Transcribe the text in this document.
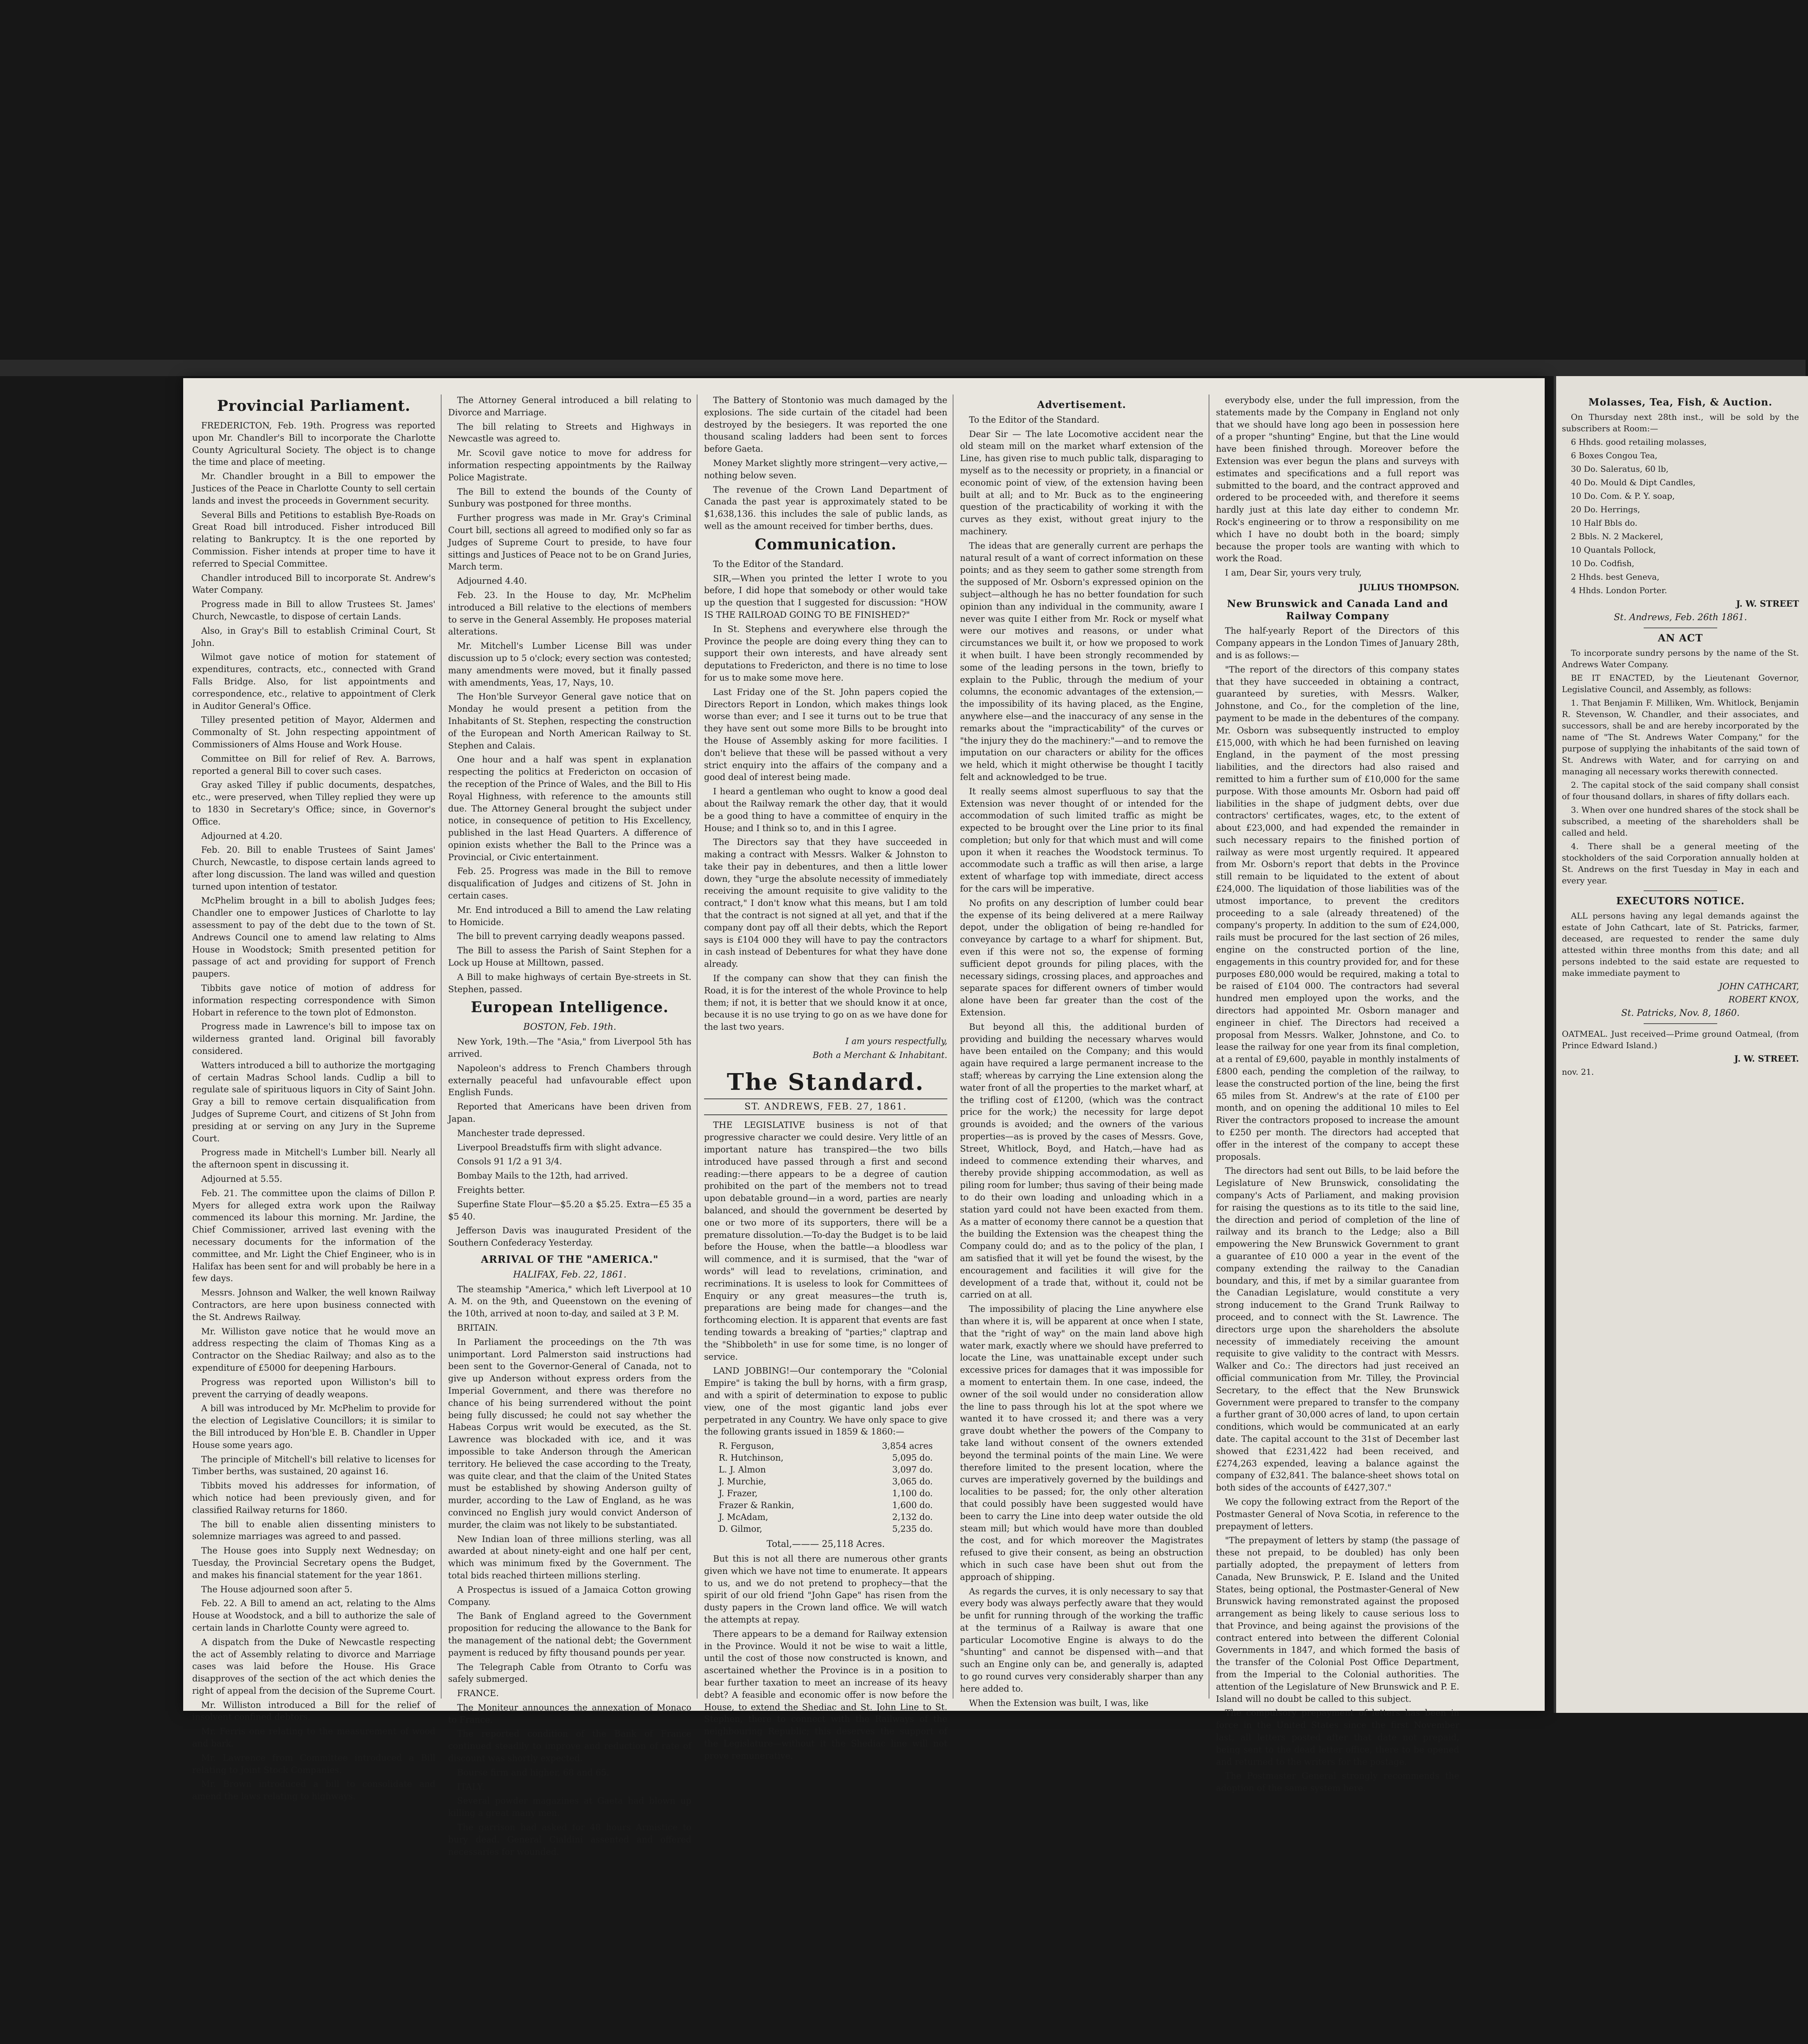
Provincial Parliament.

FREDERICTON, Feb. 19th. Progress was reported upon Mr. Chandler's Bill to incorporate the Charlotte County Agricultural Society. The object is to change the time and place of meeting.

Mr. Chandler brought in a Bill to empower the Justices of the Peace in Charlotte County to sell certain lands and invest the proceeds in Government security.

Several Bills and Petitions to establish Bye-Roads on Great Road bill introduced. Fisher introduced Bill relating to Bankruptcy. It is the one reported by Commission. Fisher intends at proper time to have it referred to Special Committee.

Chandler introduced Bill to incorporate St. Andrew's Water Company.

Progress made in Bill to allow Trustees St. James' Church, Newcastle, to dispose of certain Lands.

Also, in Gray's Bill to establish Criminal Court, St John.

Wilmot gave notice of motion for statement of expenditures, contracts, etc., connected with Grand Falls Bridge. Also, for list appointments and correspondence, etc., relative to appointment of Clerk in Auditor General's Office.

Tilley presented petition of Mayor, Aldermen and Commonalty of St. John respecting appointment of Commissioners of Alms House and Work House.

Committee on Bill for relief of Rev. A. Barrows, reported a general Bill to cover such cases.

Gray asked Tilley if public documents, despatches, etc., were preserved, when Tilley replied they were up to 1830 in Secretary's Office; since, in Governor's Office.

Adjourned at 4.20.

Feb. 20. Bill to enable Trustees of Saint James' Church, Newcastle, to dispose certain lands agreed to after long discussion. The land was willed and question turned upon intention of testator.

McPhelim brought in a bill to abolish Judges fees; Chandler one to empower Justices of Charlotte to lay assessment to pay of the debt due to the town of St. Andrews Council one to amend law relating to Alms House in Woodstock; Smith presented petition for passage of act and providing for support of French paupers.

Tibbits gave notice of motion of address for information respecting correspondence with Simon Hobart in reference to the town plot of Edmonston.

Progress made in Lawrence's bill to impose tax on wilderness granted land. Original bill favorably considered.

Watters introduced a bill to authorize the mortgaging of certain Madras School lands. Cudlip a bill to regulate sale of spirituous liquors in City of Saint John. Gray a bill to remove certain disqualification from Judges of Supreme Court, and citizens of St John from presiding at or serving on any Jury in the Supreme Court.

Progress made in Mitchell's Lumber bill. Nearly all the afternoon spent in discussing it.

Adjourned at 5.55.

Feb. 21. The committee upon the claims of Dillon P. Myers for alleged extra work upon the Railway commenced its labour this morning. Mr. Jardine, the Chief Commissioner, arrived last evening with the necessary documents for the information of the committee, and Mr. Light the Chief Engineer, who is in Halifax has been sent for and will probably be here in a few days.

Messrs. Johnson and Walker, the well known Railway Contractors, are here upon business connected with the St. Andrews Railway.

Mr. Williston gave notice that he would move an address respecting the claim of Thomas King as a Contractor on the Shediac Railway; and also as to the expenditure of £5000 for deepening Harbours.

Progress was reported upon Williston's bill to prevent the carrying of deadly weapons.

A bill was introduced by Mr. McPhelim to provide for the election of Legislative Councillors; it is similar to the Bill introduced by Hon'ble E. B. Chandler in Upper House some years ago.

The principle of Mitchell's bill relative to licenses for Timber berths, was sustained, 20 against 16.

Tibbits moved his addresses for information, of which notice had been previously given, and for classified Railway returns for 1860.

The bill to enable alien dissenting ministers to solemnize marriages was agreed to and passed.

The House goes into Supply next Wednesday; on Tuesday, the Provincial Secretary opens the Budget, and makes his financial statement for the year 1861.

The House adjourned soon after 5.

Feb. 22. A Bill to amend an act, relating to the Alms House at Woodstock, and a bill to authorize the sale of certain lands in Charlotte County were agreed to.

A dispatch from the Duke of Newcastle respecting the act of Assembly relating to divorce and Marriage cases was laid before the House. His Grace disapproves of the section of the act which denies the right of appeal from the decision of the Supreme Court.

Mr. Williston introduced a Bill for the relief of insolvent confined debtors.

Mr. Ferris one relating to the measurement of wood and bark.

Mr. Lawrence from Committee introduced a Bill relating to Joint Stock Companies.

Mr. Brown introduced a bill to consolidate and amend the laws relating to highways.

The Attorney General introduced a bill relating to Divorce and Marriage.

The bill relating to Streets and Highways in Newcastle was agreed to.

Mr. Scovil gave notice to move for address for information respecting appointments by the Railway Police Magistrate.

The Bill to extend the bounds of the County of Sunbury was postponed for three months.

Further progress was made in Mr. Gray's Criminal Court bill, sections all agreed to modified only so far as Judges of Supreme Court to preside, to have four sittings and Justices of Peace not to be on Grand Juries, March term.

Adjourned 4.40.

Feb. 23. In the House to day, Mr. McPhelim introduced a Bill relative to the elections of members to serve in the General Assembly. He proposes material alterations.

Mr. Mitchell's Lumber License Bill was under discussion up to 5 o'clock; every section was contested; many amendments were moved, but it finally passed with amendments, Yeas, 17, Nays, 10.

The Hon'ble Surveyor General gave notice that on Monday he would present a petition from the Inhabitants of St. Stephen, respecting the construction of the European and North American Railway to St. Stephen and Calais.

One hour and a half was spent in explanation respecting the politics at Fredericton on occasion of the reception of the Prince of Wales, and the Bill to His Royal Highness, with reference to the amounts still due. The Attorney General brought the subject under notice, in consequence of petition to His Excellency, published in the last Head Quarters. A difference of opinion exists whether the Ball to the Prince was a Provincial, or Civic entertainment.

Feb. 25. Progress was made in the Bill to remove disqualification of Judges and citizens of St. John in certain cases.

Mr. End introduced a Bill to amend the Law relating to Homicide.

The bill to prevent carrying deadly weapons passed.

The Bill to assess the Parish of Saint Stephen for a Lock up House at Milltown, passed.

A Bill to make highways of certain Bye-streets in St. Stephen, passed.

European Intelligence.
BOSTON, Feb. 19th.

New York, 19th.—The "Asia," from Liverpool 5th has arrived.

Napoleon's address to French Chambers through externally peaceful had unfavourable effect upon English Funds.

Reported that Americans have been driven from Japan.

Manchester trade depressed.

Liverpool Breadstuffs firm with slight advance.

Consols 91 1/2 a 91 3/4.

Bombay Mails to the 12th, had arrived.

Freights better.

Superfine State Flour—$5.20 a $5.25. Extra—£5 35 a $5 40.

Jefferson Davis was inaugurated President of the Southern Confederacy Yesterday.

ARRIVAL OF THE "AMERICA."
HALIFAX, Feb. 22, 1861.

The steamship "America," which left Liverpool at 10 A. M. on the 9th, and Queenstown on the evening of the 10th, arrived at noon to-day, and sailed at 3 P. M.

BRITAIN.

In Parliament the proceedings on the 7th was unimportant. Lord Palmerston said instructions had been sent to the Governor-General of Canada, not to give up Anderson without express orders from the Imperial Government, and there was therefore no chance of his being surrendered without the point being fully discussed; he could not say whether the Habeas Corpus writ would be executed, as the St. Lawrence was blockaded with ice, and it was impossible to take Anderson through the American territory. He believed the case according to the Treaty, was quite clear, and that the claim of the United States must be established by showing Anderson guilty of murder, according to the Law of England, as he was convinced no English jury would convict Anderson of murder, the claim was not likely to be substantiated.

New Indian loan of three millions sterling, was all awarded at about ninety-eight and one half per cent, which was minimum fixed by the Government. The total bids reached thirteen millions sterling.

A Prospectus is issued of a Jamaica Cotton growing Company.

The Bank of England agreed to the Government proposition for reducing the allowance to the Bank for the management of the national debt; the Government payment is reduced by fifty thousand pounds per year.

The Telegraph Cable from Otranto to Corfu was safely submerged.

FRANCE.

The Moniteur announces the annexation of Monaco to France.

The reported condition of the Bank of France continued steadily to improve and reduction of rate of discount was shortly expected.

Bourse firm and higher, 68 and 65.

ITALY.

Several powder magazines at Gaeta had blown up killing a great many men.

The garrison had asked for 48 hours Armistice to bury dead. General Cialdini assented and offered necessaries for wounded.

The Battery of Stontonio was much damaged by the explosions. The side curtain of the citadel had been destroyed by the besiegers. It was reported the one thousand scaling ladders had been sent to forces before Gaeta.

Money Market slightly more stringent—very active,—nothing below seven.

The revenue of the Crown Land Department of Canada the past year is approximately stated to be $1,638,136. this includes the sale of public lands, as well as the amount received for timber berths, dues.

Communication.

To the Editor of the Standard.

SIR,—When you printed the letter I wrote to you before, I did hope that somebody or other would take up the question that I suggested for discussion: "HOW IS THE RAILROAD GOING TO BE FINISHED?"

In St. Stephens and everywhere else through the Province the people are doing every thing they can to support their own interests, and have already sent deputations to Fredericton, and there is no time to lose for us to make some move here.

Last Friday one of the St. John papers copied the Directors Report in London, which makes things look worse than ever; and I see it turns out to be true that they have sent out some more Bills to be brought into the House of Assembly asking for more facilities. I don't believe that these will be passed without a very strict enquiry into the affairs of the company and a good deal of interest being made.

I heard a gentleman who ought to know a good deal about the Railway remark the other day, that it would be a good thing to have a committee of enquiry in the House; and I think so to, and in this I agree.

The Directors say that they have succeeded in making a contract with Messrs. Walker & Johnston to take their pay in debentures, and then a little lower down, they "urge the absolute necessity of immediately receiving the amount requisite to give validity to the contract," I don't know what this means, but I am told that the contract is not signed at all yet, and that if the company dont pay off all their debts, which the Report says is £104 000 they will have to pay the contractors in cash instead of Debentures for what they have done already.

If the company can show that they can finish the Road, it is for the interest of the whole Province to help them; if not, it is better that we should know it at once, because it is no use trying to go on as we have done for the last two years.

I am yours respectfully,
Both a Merchant & Inhabitant.
The Standard.
ST. ANDREWS, FEB. 27, 1861.

THE LEGISLATIVE business is not of that progressive character we could desire. Very little of an important nature has transpired—the two bills introduced have passed through a first and second reading:—there appears to be a degree of caution prohibited on the part of the members not to tread upon debatable ground—in a word, parties are nearly balanced, and should the government be deserted by one or two more of its supporters, there will be a premature dissolution.—To-day the Budget is to be laid before the House, when the battle—a bloodless war will commence, and it is surmised, that the "war of words" will lead to revelations, crimination, and recriminations. It is useless to look for Committees of Enquiry or any great measures—the truth is, preparations are being made for changes—and the forthcoming election. It is apparent that events are fast tending towards a breaking of "parties;" claptrap and the "Shibboleth" in use for some time, is no longer of service.

LAND JOBBING!—Our contemporary the "Colonial Empire" is taking the bull by horns, with a firm grasp, and with a spirit of determination to expose to public view, one of the most gigantic land jobs ever perpetrated in any Country. We have only space to give the following grants issued in 1859 & 1860:—

R. Ferguson,	3,854 acres
R. Hutchinson,	5,095 do.
L. J. Almon	3,097 do.
J. Murchie,	3,065 do.
J. Frazer,	1,100 do.
Frazer & Rankin,	1,600 do.
J. McAdam,	2,132 do.
D. Gilmor,	5,235 do.
Total,——— 25,118 Acres.

But this is not all there are numerous other grants given which we have not time to enumerate. It appears to us, and we do not pretend to prophecy—that the spirit of our old friend "John Gape" has risen from the dusty papers in the Crown land office. We will watch the attempts at repay.

There appears to be a demand for Railway extension in the Province. Would it not be wise to wait a little, until the cost of those now constructed is known, and ascertained whether the Province is in a position to bear further taxation to meet an increase of its heavy debt? A feasible and economic offer is now before the House, to extend the Shediac and St. John Line to St. Stephen, there to connect with the Railways of the neighbouring Republic; this deserves the support of the Legislature—without it the Shediac line will not prove remunerative.

Advertisement.

To the Editor of the Standard.

Dear Sir — The late Locomotive accident near the old steam mill on the market wharf extension of the Line, has given rise to much public talk, disparaging to myself as to the necessity or propriety, in a financial or economic point of view, of the extension having been built at all; and to Mr. Buck as to the engineering question of the practicability of working it with the curves as they exist, without great injury to the machinery.

The ideas that are generally current are perhaps the natural result of a want of correct information on these points; and as they seem to gather some strength from the supposed of Mr. Osborn's expressed opinion on the subject—although he has no better foundation for such opinion than any individual in the community, aware I never was quite I either from Mr. Rock or myself what were our motives and reasons, or under what circumstances we built it, or how we proposed to work it when built. I have been strongly recommended by some of the leading persons in the town, briefly to explain to the Public, through the medium of your columns, the economic advantages of the extension,—the impossibility of its having placed, as the Engine, anywhere else—and the inaccuracy of any sense in the remarks about the "impracticability" of the curves or "the injury they do the machinery:"—and to remove the imputation on our characters or ability for the offices we held, which it might otherwise be thought I tacitly felt and acknowledged to be true.

It really seems almost superfluous to say that the Extension was never thought of or intended for the accommodation of such limited traffic as might be expected to be brought over the Line prior to its final completion; but only for that which must and will come upon it when it reaches the Woodstock terminus. To accommodate such a traffic as will then arise, a large extent of wharfage top with immediate, direct access for the cars will be imperative.

No profits on any description of lumber could bear the expense of its being delivered at a mere Railway depot, under the obligation of being re-handled for conveyance by cartage to a wharf for shipment. But, even if this were not so, the expense of forming sufficient depot grounds for piling places, with the necessary sidings, crossing places, and approaches and separate spaces for different owners of timber would alone have been far greater than the cost of the Extension.

But beyond all this, the additional burden of providing and building the necessary wharves would have been entailed on the Company; and this would again have required a large permanent increase to the staff; whereas by carrying the Line extension along the water front of all the properties to the market wharf, at the trifling cost of £1200, (which was the contract price for the work;) the necessity for large depot grounds is avoided; and the owners of the various properties—as is proved by the cases of Messrs. Gove, Street, Whitlock, Boyd, and Hatch,—have had as indeed to commence extending their wharves, and thereby provide shipping accommodation, as well as piling room for lumber; thus saving of their being made to do their own loading and unloading which in a station yard could not have been exacted from them. As a matter of economy there cannot be a question that the building the Extension was the cheapest thing the Company could do; and as to the policy of the plan, I am satisfied that it will yet be found the wisest, by the encouragement and facilities it will give for the development of a trade that, without it, could not be carried on at all.

The impossibility of placing the Line anywhere else than where it is, will be apparent at once when I state, that the "right of way" on the main land above high water mark, exactly where we should have preferred to locate the Line, was unattainable except under such excessive prices for damages that it was impossible for a moment to entertain them. In one case, indeed, the owner of the soil would under no consideration allow the line to pass through his lot at the spot where we wanted it to have crossed it; and there was a very grave doubt whether the powers of the Company to take land without consent of the owners extended beyond the terminal points of the main Line. We were therefore limited to the present location, where the curves are imperatively governed by the buildings and localities to be passed; for, the only other alteration that could possibly have been suggested would have been to carry the Line into deep water outside the old steam mill; but which would have more than doubled the cost, and for which moreover the Magistrates refused to give their consent, as being an obstruction which in such case have been shut out from the approach of shipping.

As regards the curves, it is only necessary to say that every body was always perfectly aware that they would be unfit for running through of the working the traffic at the terminus of a Railway is aware that one particular Locomotive Engine is always to do the "shunting" and cannot be dispensed with—and that such an Engine only can be, and generally is, adapted to go round curves very considerably sharper than any here added to.

When the Extension was built, I was, like

everybody else, under the full impression, from the statements made by the Company in England not only that we should have long ago been in possession here of a proper "shunting" Engine, but that the Line would have been finished through. Moreover before the Extension was ever begun the plans and surveys with estimates and specifications and a full report was submitted to the board, and the contract approved and ordered to be proceeded with, and therefore it seems hardly just at this late day either to condemn Mr. Rock's engineering or to throw a responsibility on me which I have no doubt both in the board; simply because the proper tools are wanting with which to work the Road.

I am, Dear Sir, yours very truly,

JULIUS THOMPSON.
New Brunswick and Canada Land and Railway Company

The half-yearly Report of the Directors of this Company appears in the London Times of January 28th, and is as follows:—

"The report of the directors of this company states that they have succeeded in obtaining a contract, guaranteed by sureties, with Messrs. Walker, Johnstone, and Co., for the completion of the line, payment to be made in the debentures of the company. Mr. Osborn was subsequently instructed to employ £15,000, with which he had been furnished on leaving England, in the payment of the most pressing liabilities, and the directors had also raised and remitted to him a further sum of £10,000 for the same purpose. With those amounts Mr. Osborn had paid off liabilities in the shape of judgment debts, over due contractors' certificates, wages, etc, to the extent of about £23,000, and had expended the remainder in such necessary repairs to the finished portion of railway as were most urgently required. It appeared from Mr. Osborn's report that debts in the Province still remain to be liquidated to the extent of about £24,000. The liquidation of those liabilities was of the utmost importance, to prevent the creditors proceeding to a sale (already threatened) of the company's property. In addition to the sum of £24,000, rails must be procured for the last section of 26 miles, engine on the constructed portion of the line, engagements in this country provided for, and for these purposes £80,000 would be required, making a total to be raised of £104 000. The contractors had several hundred men employed upon the works, and the directors had appointed Mr. Osborn manager and engineer in chief. The Directors had received a proposal from Messrs. Walker, Johnstone, and Co. to lease the railway for one year from its final completion, at a rental of £9,600, payable in monthly instalments of £800 each, pending the completion of the railway, to lease the constructed portion of the line, being the first 65 miles from St. Andrew's at the rate of £100 per month, and on opening the additional 10 miles to Eel River the contractors proposed to increase the amount to £250 per month. The directors had accepted that offer in the interest of the company to accept these proposals.

The directors had sent out Bills, to be laid before the Legislature of New Brunswick, consolidating the company's Acts of Parliament, and making provision for raising the questions as to its title to the said line, the direction and period of completion of the line of railway and its branch to the Ledge; also a Bill empowering the New Brunswick Government to grant a guarantee of £10 000 a year in the event of the company extending the railway to the Canadian boundary, and this, if met by a similar guarantee from the Canadian Legislature, would constitute a very strong inducement to the Grand Trunk Railway to proceed, and to connect with the St. Lawrence. The directors urge upon the shareholders the absolute necessity of immediately receiving the amount requisite to give validity to the contract with Messrs. Walker and Co.: The directors had just received an official communication from Mr. Tilley, the Provincial Secretary, to the effect that the New Brunswick Government were prepared to transfer to the company a further grant of 30,000 acres of land, to upon certain conditions, which would be communicated at an early date. The capital account to the 31st of December last showed that £231,422 had been received, and £274,263 expended, leaving a balance against the company of £32,841. The balance-sheet shows total on both sides of the accounts of £427,307."

We copy the following extract from the Report of the Postmaster General of Nova Scotia, in reference to the prepayment of letters.

"The prepayment of letters by stamp (the passage of these not prepaid, to be doubled) has only been partially adopted, the prepayment of letters from Canada, New Brunswick, P. E. Island and the United States, being optional, the Postmaster-General of New Brunswick having remonstrated against the proposed arrangement as being likely to cause serious loss to that Province, and being against the provisions of the contract entered into between the different Colonial Governments in 1847, and which formed the basis of the transfer of the Colonial Post Office Department, from the Imperial to the Colonial authorities. The attention of the Legislature of New Brunswick and P. E. Island will no doubt be called to this subject.

The compulsory prepayment of letters has been in force in the United States since the first November last, all letters posted after that date not prepaid, being sent to the dead letter office, there to be opened and returned to the writers for the postage.

The Postmaster General strongly recommends the adoption of the same system here.

Molasses, Tea, Fish, & Auction.

On Thursday next 28th inst., will be sold by the subscribers at Room:—

6 Hhds. good retailing molasses,

6 Boxes Congou Tea,

30 Do. Saleratus, 60 lb,

40 Do. Mould & Dipt Candles,

10 Do. Com. & P. Y. soap,

20 Do. Herrings,

10 Half Bbls do.

2 Bbls. N. 2 Mackerel,

10 Quantals Pollock,

10 Do. Codfish,

2 Hhds. best Geneva,

4 Hhds. London Porter.

J. W. STREET
St. Andrews, Feb. 26th 1861.
AN ACT

To incorporate sundry persons by the name of the St. Andrews Water Company.

BE IT ENACTED, by the Lieutenant Governor, Legislative Council, and Assembly, as follows:

1. That Benjamin F. Milliken, Wm. Whitlock, Benjamin R. Stevenson, W. Chandler, and their associates, and successors, shall be and are hereby incorporated by the name of "The St. Andrews Water Company," for the purpose of supplying the inhabitants of the said town of St. Andrews with Water, and for carrying on and managing all necessary works therewith connected.

2. The capital stock of the said company shall consist of four thousand dollars, in shares of fifty dollars each.

3. When over one hundred shares of the stock shall be subscribed, a meeting of the shareholders shall be called and held.

4. There shall be a general meeting of the stockholders of the said Corporation annually holden at St. Andrews on the first Tuesday in May in each and every year.

EXECUTORS NOTICE.

ALL persons having any legal demands against the estate of John Cathcart, late of St. Patricks, farmer, deceased, are requested to render the same duly attested within three months from this date; and all persons indebted to the said estate are requested to make immediate payment to

JOHN CATHCART,
ROBERT KNOX,
St. Patricks, Nov. 8, 1860.

OATMEAL. Just received—Prime ground Oatmeal, (from Prince Edward Island.)

J. W. STREET.
nov. 21.
